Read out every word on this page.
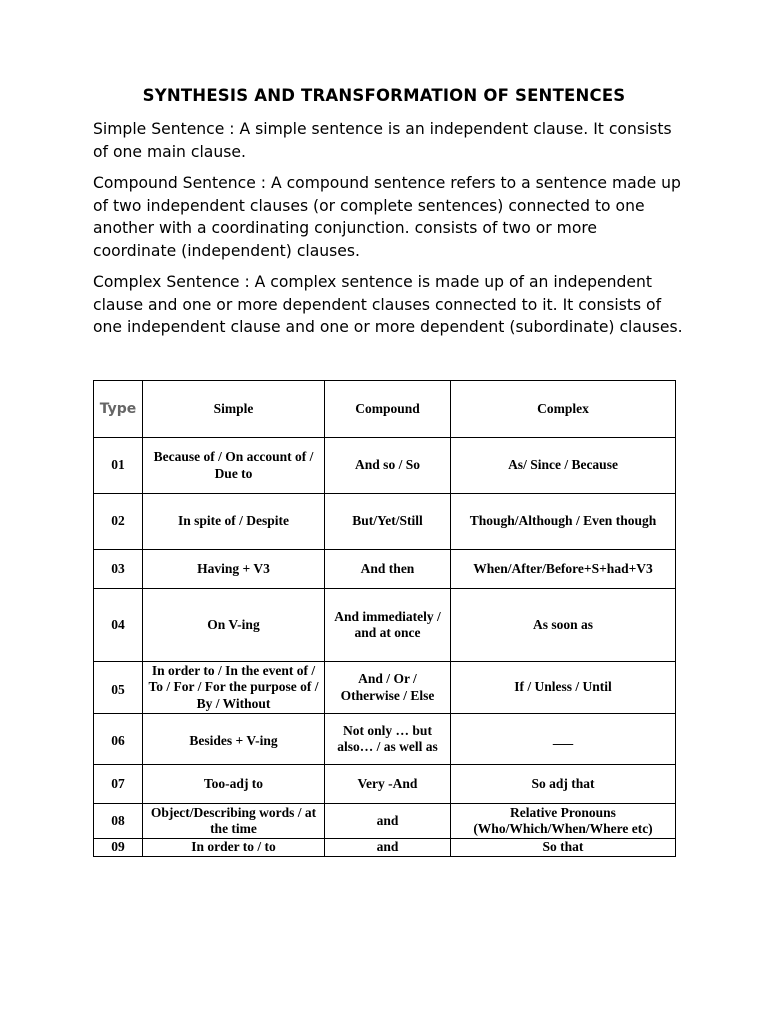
SYNTHESIS AND TRANSFORMATION OF SENTENCES

Simple Sentence : A simple sentence is an independent clause. It consists of one main clause.

Compound Sentence : A compound sentence refers to a sentence made up of two independent clauses (or complete sentences) connected to one another with a coordinating conjunction. consists of two or more coordinate (independent) clauses.

Complex Sentence : A complex sentence is made up of an independent clause and one or more dependent clauses connected to it. It consists of one independent clause and one or more dependent (subordinate) clauses.

Type	Simple	Compound	Complex
01	Because of / On account of / Due to	And so / So	As/ Since / Because
02	In spite of / Despite	But/Yet/Still	Though/Although / Even though
03	Having + V3	And then	When/After/Before+S+had+V3
04	On V-ing	And immediately / and at once	As soon as
05	In order to / In the event of / To / For / For the purpose of / By / Without	And / Or / Otherwise / Else	If / Unless / Until
06	Besides + V-ing	Not only … but also… / as well as	___
07	Too-adj to	Very -And	So adj that
08	Object/Describing words / at the time	and	Relative Pronouns (Who/Which/When/Where etc)
09	In order to / to	and	So that
